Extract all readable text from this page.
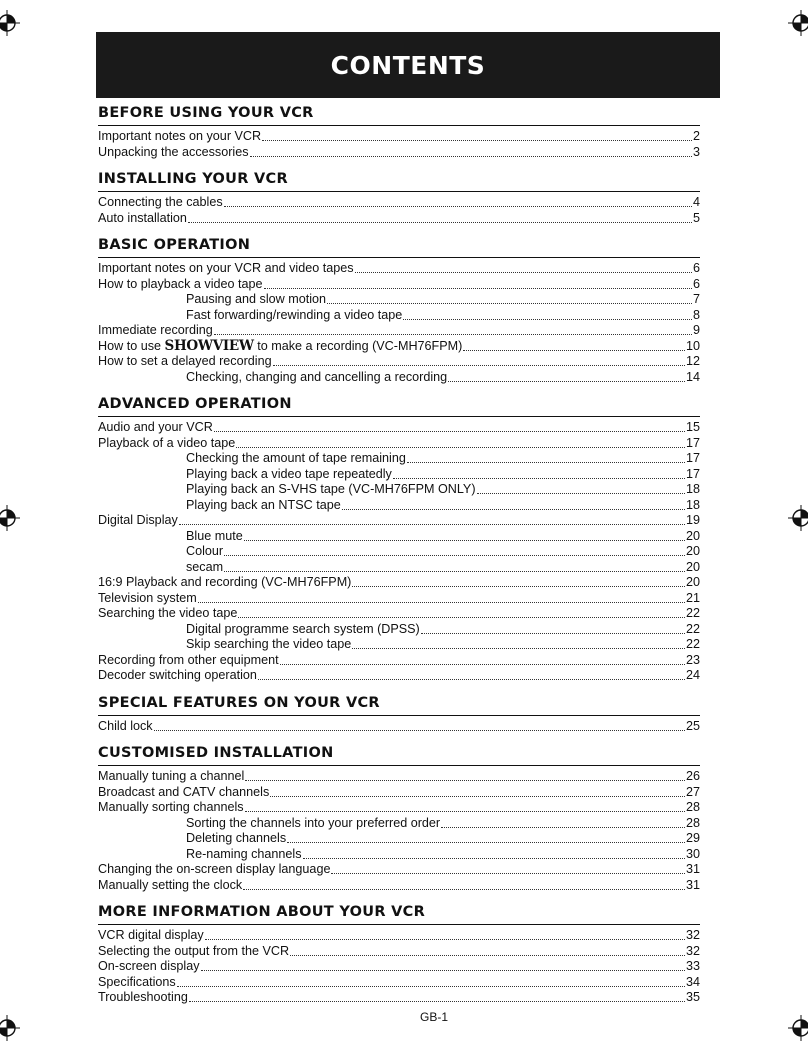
CONTENTS
BEFORE USING YOUR VCR
Important notes on your VCR	2
Unpacking the accessories	3
INSTALLING YOUR VCR
Connecting the cables	4
Auto installation	5
BASIC OPERATION
Important notes on your VCR and video tapes	6
How to playback a video tape	6
Pausing and slow motion	7
Fast forwarding/rewinding a video tape	8
Immediate recording	9
How to use SHOWVIEW to make a recording (VC-MH76FPM)	10
How to set a delayed recording	12
Checking, changing and cancelling a recording	14
ADVANCED OPERATION
Audio and your VCR	15
Playback of a video tape	17
Checking the amount of tape remaining	17
Playing back a video tape repeatedly	17
Playing back an S-VHS tape (VC-MH76FPM ONLY)	18
Playing back an NTSC tape	18
Digital Display	19
Blue mute	20
Colour	20
secam	20
16:9 Playback and recording (VC-MH76FPM)	20
Television system	21
Searching the video tape	22
Digital programme search system (DPSS)	22
Skip searching the video tape	22
Recording from other equipment	23
Decoder switching operation	24
SPECIAL FEATURES ON YOUR VCR
Child lock	25
CUSTOMISED INSTALLATION
Manually tuning a channel	26
Broadcast and CATV channels	27
Manually sorting channels	28
Sorting the channels into your preferred order	28
Deleting channels	29
Re-naming channels	30
Changing the on-screen display language	31
Manually setting the clock	31
MORE INFORMATION ABOUT YOUR VCR
VCR digital display	32
Selecting the output from the VCR	32
On-screen display	33
Specifications	34
Troubleshooting	35
GB-1
